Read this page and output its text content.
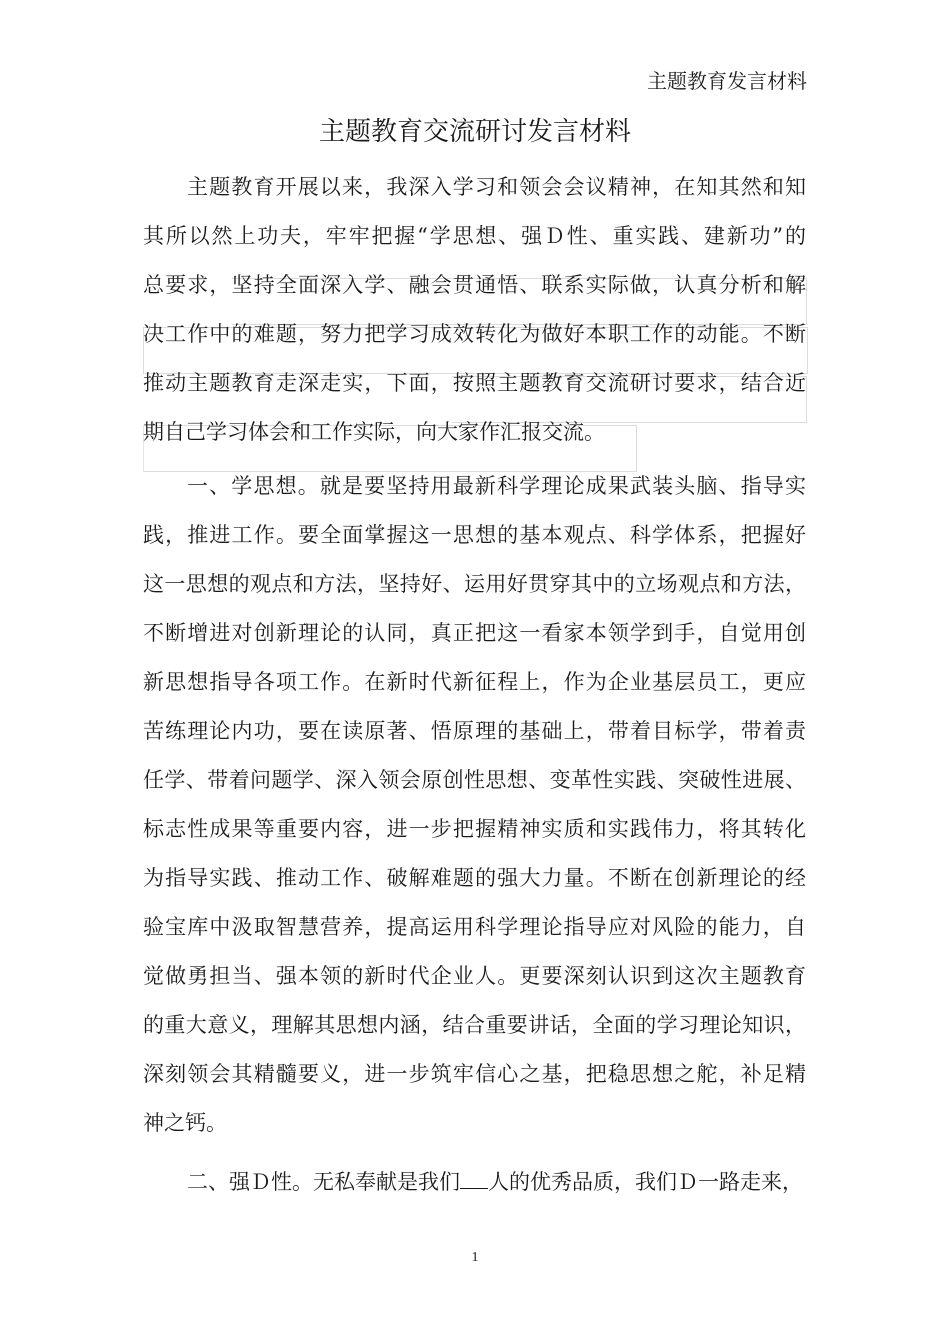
主题教育发言材料
主题教育交流研讨发言材料
主题教育开展以来，我深入学习和领会会议精神，在知其然和知
其所以然上功夫，牢牢把握“学思想、强Ｄ性、重实践、建新功”的
总要求，坚持全面深入学、融会贯通悟、联系实际做，认真分析和解
决工作中的难题，努力把学习成效转化为做好本职工作的动能。不断
推动主题教育走深走实，下面，按照主题教育交流研讨要求，结合近
期自己学习体会和工作实际，向大家作汇报交流。
一、学思想。就是要坚持用最新科学理论成果武装头脑、指导实
践，推进工作。要全面掌握这一思想的基本观点、科学体系，把握好
这一思想的观点和方法，坚持好、运用好贯穿其中的立场观点和方法，
不断增进对创新理论的认同，真正把这一看家本领学到手，自觉用创
新思想指导各项工作。在新时代新征程上，作为企业基层员工，更应
苦练理论内功，要在读原著、悟原理的基础上，带着目标学，带着责
任学、带着问题学、深入领会原创性思想、变革性实践、突破性进展、
标志性成果等重要内容，进一步把握精神实质和实践伟力，将其转化
为指导实践、推动工作、破解难题的强大力量。不断在创新理论的经
验宝库中汲取智慧营养，提高运用科学理论指导应对风险的能力，自
觉做勇担当、强本领的新时代企业人。更要深刻认识到这次主题教育
的重大意义，理解其思想内涵，结合重要讲话，全面的学习理论知识，
深刻领会其精髓要义，进一步筑牢信心之基，把稳思想之舵，补足精
神之钙。
二、强Ｄ性。无私奉献是我们 人的优秀品质，我们Ｄ一路走来，
1
